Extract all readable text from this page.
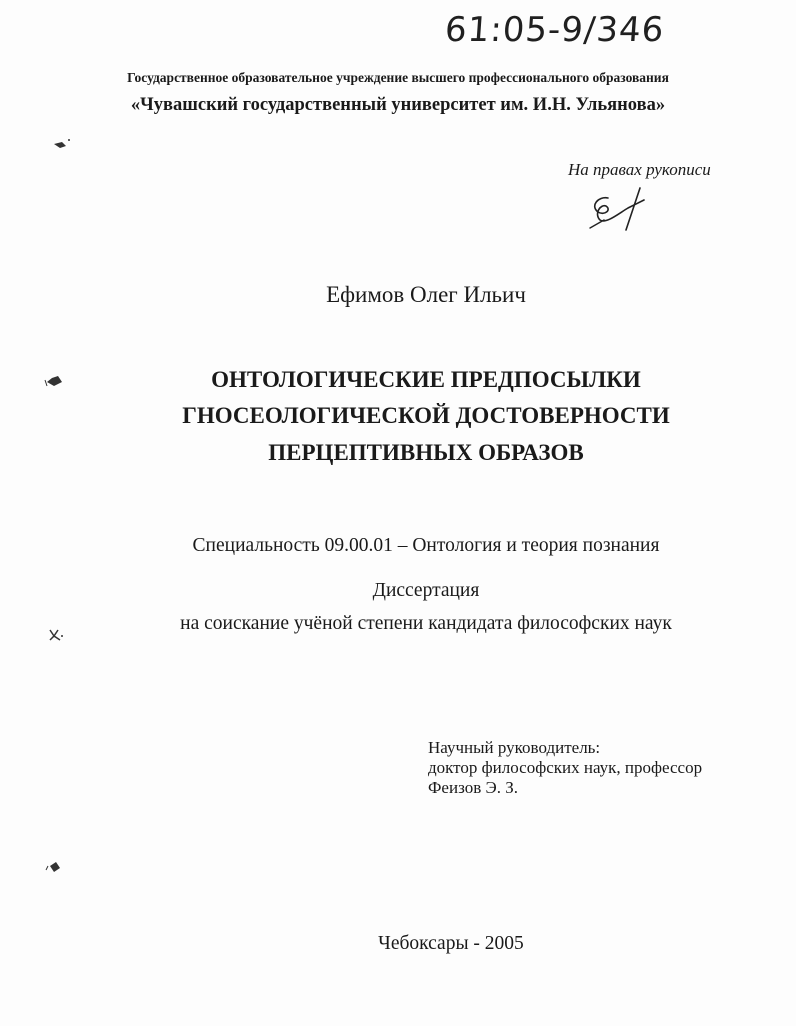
61:05-9/346
Государственное образовательное учреждение высшего профессионального образования
«Чувашский государственный университет им. И.Н. Ульянова»
На правах рукописи
Ефимов Олег Ильич
ОНТОЛОГИЧЕСКИЕ ПРЕДПОСЫЛКИ
ГНОСЕОЛОГИЧЕСКОЙ ДОСТОВЕРНОСТИ
ПЕРЦЕПТИВНЫХ ОБРАЗОВ
Специальность 09.00.01 – Онтология и теория познания
Диссертация
на соискание учёной степени кандидата философских наук
Научный руководитель:
доктор философских наук, профессор
Феизов Э. З.
Чебоксары - 2005
